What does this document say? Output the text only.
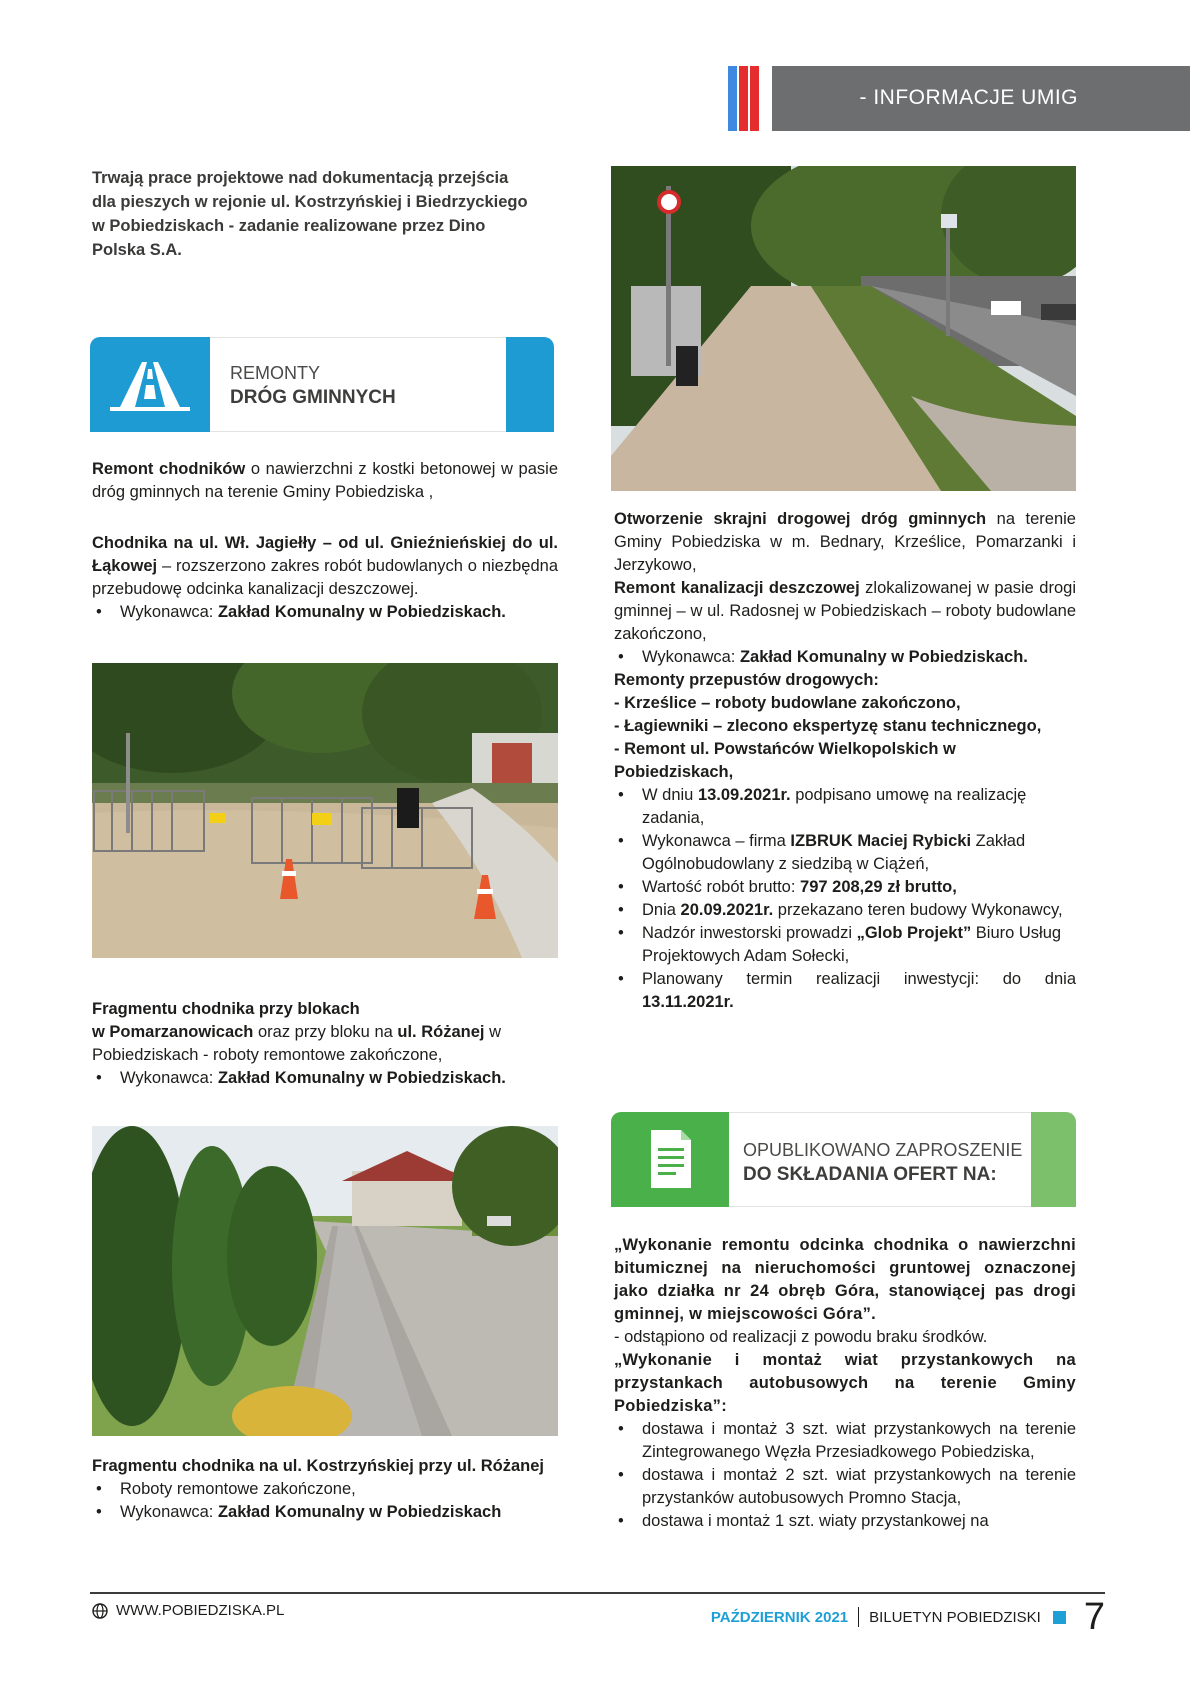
- INFORMACJE UMIG
Trwają prace projektowe nad dokumentacją przejścia dla pieszych w rejonie ul. Kostrzyńskiej i Biedrzyckiego w Pobiedziskach - zadanie realizowane przez Dino Polska S.A.
REMONTY
DRÓG GMINNYCH
Remont chodników o nawierzchni z kostki betonowej w pasie dróg gminnych na terenie Gminy Pobiedziska ,
Chodnika na ul. Wł. Jagiełły – od ul. Gnieźnieńskiej do ul. Łąkowej – rozszerzono zakres robót budowlanych o niezbędna przebudowę odcinka kanalizacji deszczowej.
• Wykonawca: Zakład Komunalny w Pobiedziskach.
Fragmentu chodnika przy blokach
w Pomarzanowicach oraz przy bloku na ul. Różanej w Pobiedziskach - roboty remontowe zakończone,
• Wykonawca: Zakład Komunalny w Pobiedziskach.
Fragmentu chodnika na ul. Kostrzyńskiej przy ul. Różanej
• Roboty remontowe zakończone,
• Wykonawca: Zakład Komunalny w Pobiedziskach
Otworzenie skrajni drogowej dróg gminnych na terenie Gminy Pobiedziska w m. Bednary, Krześlice, Pomarzanki i Jerzykowo,
Remont kanalizacji deszczowej zlokalizowanej w pasie drogi gminnej – w ul. Radosnej w Pobiedziskach – roboty budowlane zakończono,
• Wykonawca: Zakład Komunalny w Pobiedziskach.
Remonty przepustów drogowych:
- Krześlice – roboty budowlane zakończono,
- Łagiewniki – zlecono ekspertyzę stanu technicznego,
- Remont ul. Powstańców Wielkopolskich w Pobiedziskach,
• W dniu 13.09.2021r. podpisano umowę na realizację zadania,
• Wykonawca – firma IZBRUK Maciej Rybicki Zakład Ogólnobudowlany z siedzibą w Ciążeń,
• Wartość robót brutto: 797 208,29 zł brutto,
• Dnia 20.09.2021r. przekazano teren budowy Wykonawcy,
• Nadzór inwestorski prowadzi „Glob Projekt” Biuro Usług Projektowych Adam Sołecki,
• Planowany termin realizacji inwestycji: do dnia 13.11.2021r.
OPUBLIKOWANO ZAPROSZENIE
DO SKŁADANIA OFERT NA:
„Wykonanie remontu odcinka chodnika o nawierzchni bitumicznej na nieruchomości gruntowej oznaczonej jako działka nr 24 obręb Góra, stanowiącej pas drogi gminnej, w miejscowości Góra”.
- odstąpiono od realizacji z powodu braku środków.
„Wykonanie i montaż wiat przystankowych na przystankach autobusowych na terenie Gminy Pobiedziska”:
• dostawa i montaż 3 szt. wiat przystankowych na terenie Zintegrowanego Węzła Przesiadkowego Pobiedziska,
• dostawa i montaż 2 szt. wiat przystankowych na terenie przystanków autobusowych Promno Stacja,
• dostawa i montaż 1 szt. wiaty przystankowej na
WWW.POBIEDZISKA.PL	PAŹDZIERNIK 2021 BILUETYN POBIEDZISKI 7
